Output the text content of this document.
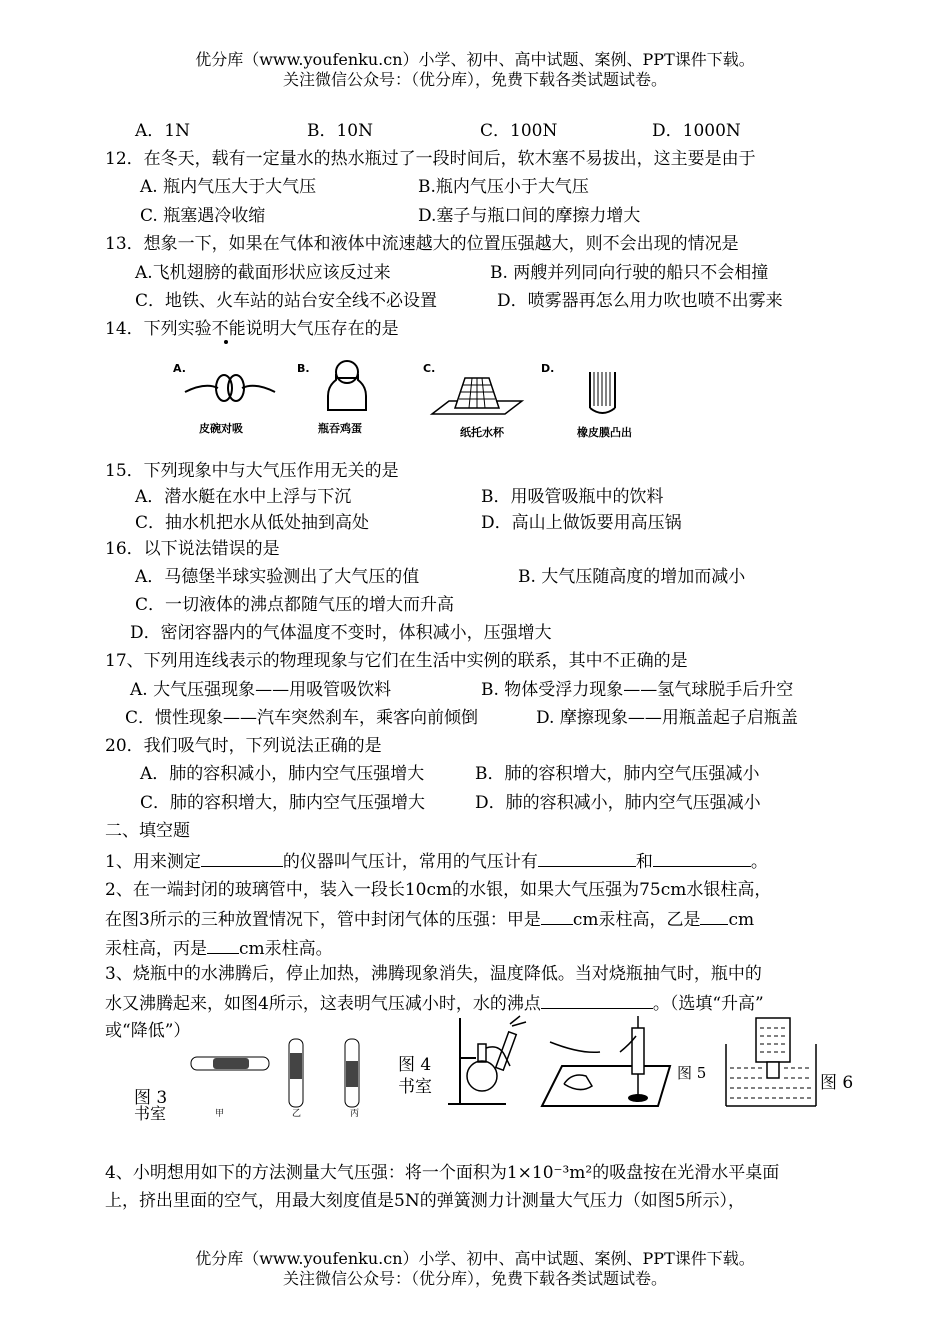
优分库（www.youfenku.cn）小学、初中、高中试题、案例、PPT课件下载。
关注微信公众号：（优分库），免费下载各类试题试卷。
A．1N	B．10N	C．100N	D．1000N
12．在冬天，载有一定量水的热水瓶过了一段时间后，软木塞不易拔出，这主要是由于
A. 瓶内气压大于大气压	B.瓶内气压小于大气压
C. 瓶塞遇冷收缩	D.塞子与瓶口间的摩擦力增大
13．想象一下，如果在气体和液体中流速越大的位置压强越大，则不会出现的情况是
A.飞机翅膀的截面形状应该反过来	B. 两艘并列同向行驶的船只不会相撞
C．地铁、火车站的站台安全线不必设置	D．喷雾器再怎么用力吹也喷不出雾来
14．下列实验不能说明大气压存在的是
A.
皮碗对吸
B.
瓶吞鸡蛋
C.
纸托水杯
D.
橡皮膜凸出
15．下列现象中与大气压作用无关的是
A．潜水艇在水中上浮与下沉	B．用吸管吸瓶中的饮料
C．抽水机把水从低处抽到高处	D．高山上做饭要用高压锅
16．以下说法错误的是
A．马德堡半球实验测出了大气压的值	B. 大气压随高度的增加而减小
C．一切液体的沸点都随气压的增大而升高
D．密闭容器内的气体温度不变时，体积减小，压强增大
17、下列用连线表示的物理现象与它们在生活中实例的联系，其中不正确的是
A. 大气压强现象——用吸管吸饮料	B. 物体受浮力现象——氢气球脱手后升空
C．惯性现象——汽车突然刹车，乘客向前倾倒	D. 摩擦现象——用瓶盖起子启瓶盖
20．我们吸气时，下列说法正确的是
A．肺的容积减小，肺内空气压强增大	B．肺的容积增大，肺内空气压强减小
C．肺的容积增大，肺内空气压强增大	D．肺的容积减小，肺内空气压强减小
二、填空题
1、用来测定	的仪器叫气压计，常用的气压计有	和	。
2、在一端封闭的玻璃管中，装入一段长10cm的水银，如果大气压强为75cm水银柱高，
在图3所示的三种放置情况下，管中封闭气体的压强：甲是 cm汞柱高，乙是 cm
汞柱高，丙是 cm汞柱高。
3、烧瓶中的水沸腾后，停止加热，沸腾现象消失，温度降低。当对烧瓶抽气时，瓶中的
水又沸腾起来，如图4所示，这表明气压减小时，水的沸点	。（选填“升高”
或“降低”）
图 3
书室	甲	乙	丙
图 4
书室
图 5	图 6
4、小明想用如下的方法测量大气压强：将一个面积为1×10⁻³m²的吸盘按在光滑水平桌面
上，挤出里面的空气，用最大刻度值是5N的弹簧测力计测量大气压力（如图5所示），
优分库（www.youfenku.cn）小学、初中、高中试题、案例、PPT课件下载。
关注微信公众号：（优分库），免费下载各类试题试卷。
